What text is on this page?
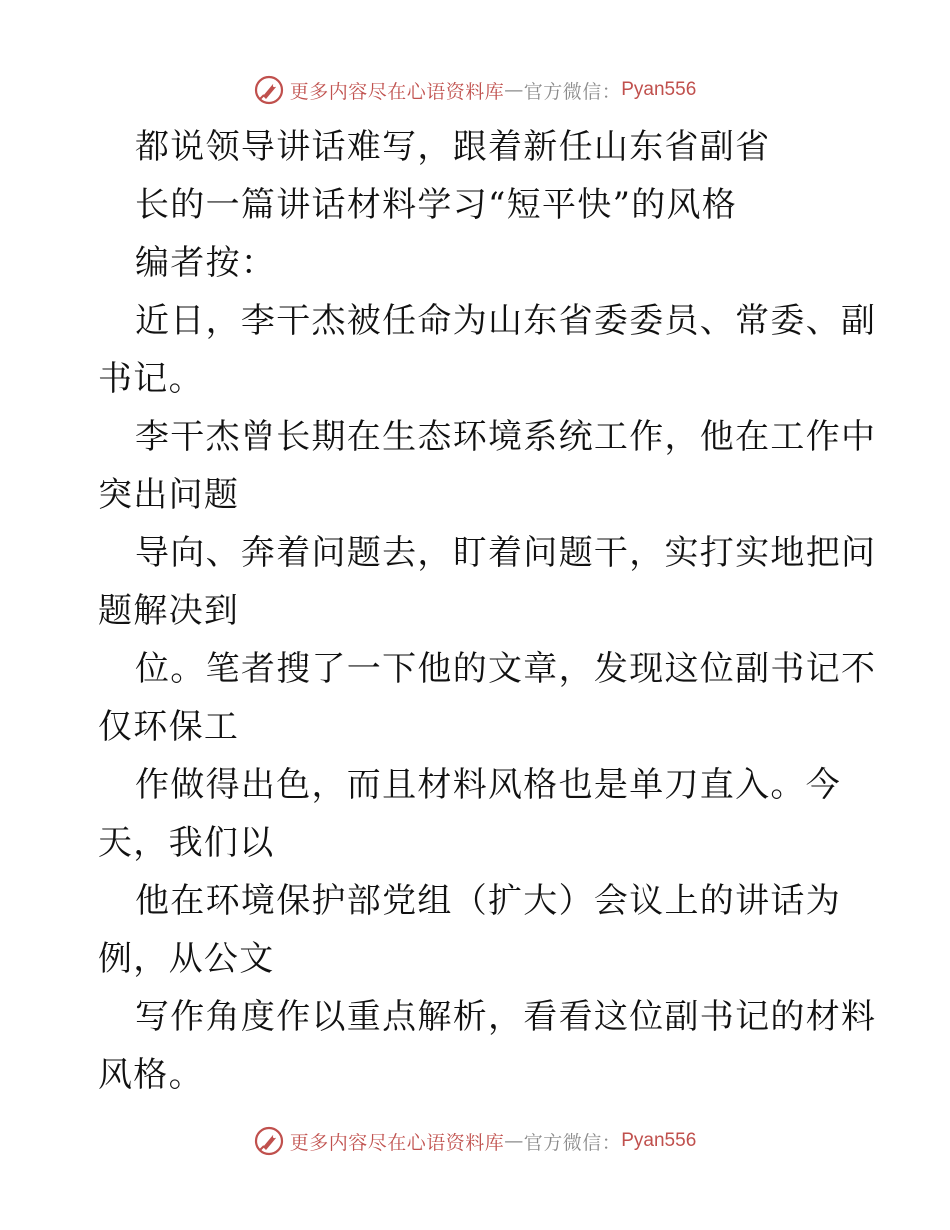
更多内容尽在心语资料库 — 官方微信： Pyan556
都说领导讲话难写，跟着新任山东省副省
长的一篇讲话材料学习“短平快”的风格
编者按：
近日，李干杰被任命为山东省委委员、常委、副
书记。
李干杰曾长期在生态环境系统工作，他在工作中
突出问题
导向、奔着问题去，盯着问题干，实打实地把问
题解决到
位。笔者搜了一下他的文章，发现这位副书记不
仅环保工
作做得出色，而且材料风格也是单刀直入。今
天，我们以
他在环境保护部党组（扩大）会议上的讲话为
例，从公文
写作角度作以重点解析，看看这位副书记的材料
风格。
更多内容尽在心语资料库 — 官方微信： Pyan556
